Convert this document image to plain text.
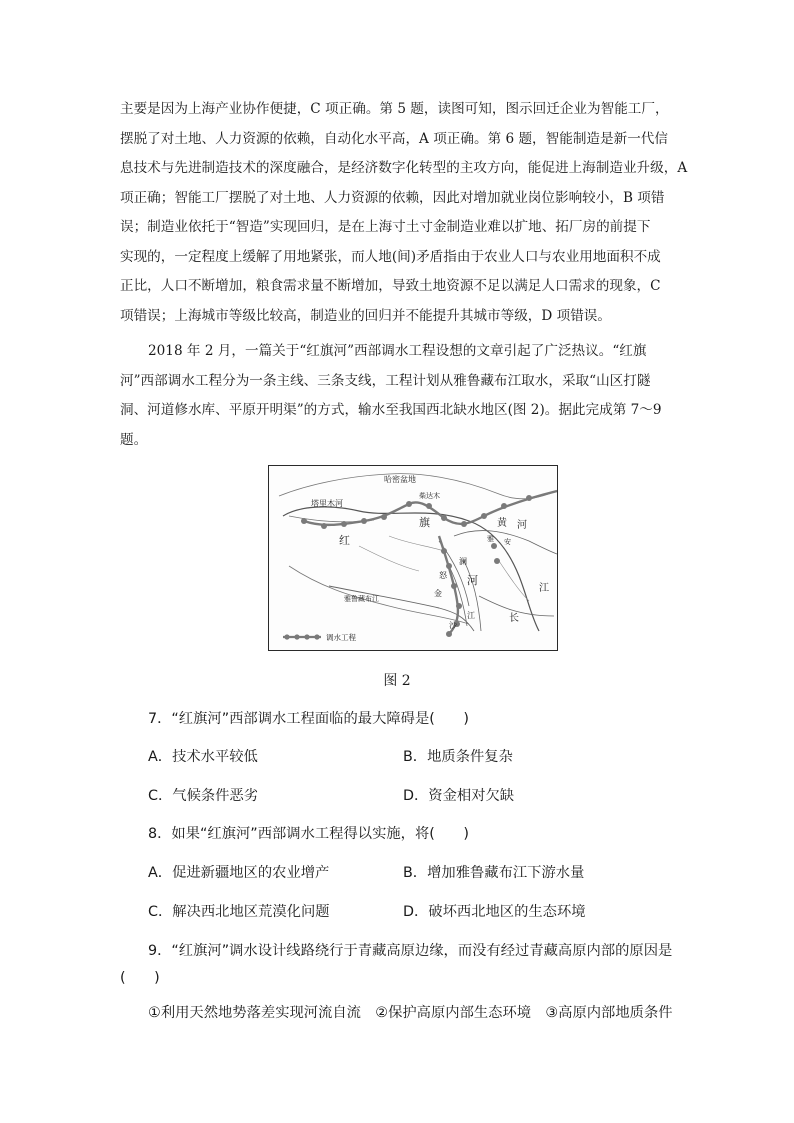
主要是因为上海产业协作便捷，C 项正确。第 5 题，读图可知，图示回迁企业为智能工厂，
摆脱了对土地、人力资源的依赖，自动化水平高，A 项正确。第 6 题，智能制造是新一代信
息技术与先进制造技术的深度融合，是经济数字化转型的主攻方向，能促进上海制造业升级，A
项正确；智能工厂摆脱了对土地、人力资源的依赖，因此对增加就业岗位影响较小，B 项错
误；制造业依托于“智造”实现回归，是在上海寸土寸金制造业难以扩地、拓厂房的前提下
实现的，一定程度上缓解了用地紧张，而人地(间)矛盾指由于农业人口与农业用地面积不成
正比，人口不断增加，粮食需求量不断增加，导致土地资源不足以满足人口需求的现象，C
项错误；上海城市等级比较高，制造业的回归并不能提升其城市等级，D 项错误。
2018 年 2 月，一篇关于“红旗河”西部调水工程设想的文章引起了广泛热议。“红旗
河”西部调水工程分为一条主线、三条支线，工程计划从雅鲁藏布江取水，采取“山区打隧
洞、河道修水库、平原开明渠”的方式，输水至我国西北缺水地区(图 2)。据此完成第 7～9
题。
哈密盆地
柴达木
塔里木河
红
旗
河
黄 河
雅鲁藏布江
怒
澜
金
沙
江	长
江
雅 安
调水工程
图 2
7．“红旗河”西部调水工程面临的最大障碍是(　　)
A．技术水平较低	B．地质条件复杂
C．气候条件恶劣	D．资金相对欠缺
8．如果“红旗河”西部调水工程得以实施，将(　　)
A．促进新疆地区的农业增产	B．增加雅鲁藏布江下游水量
C．解决西北地区荒漠化问题	D．破坏西北地区的生态环境
9．“红旗河”调水设计线路绕行于青藏高原边缘，而没有经过青藏高原内部的原因是
(　　)
①利用天然地势落差实现河流自流　②保护高原内部生态环境　③高原内部地质条件
